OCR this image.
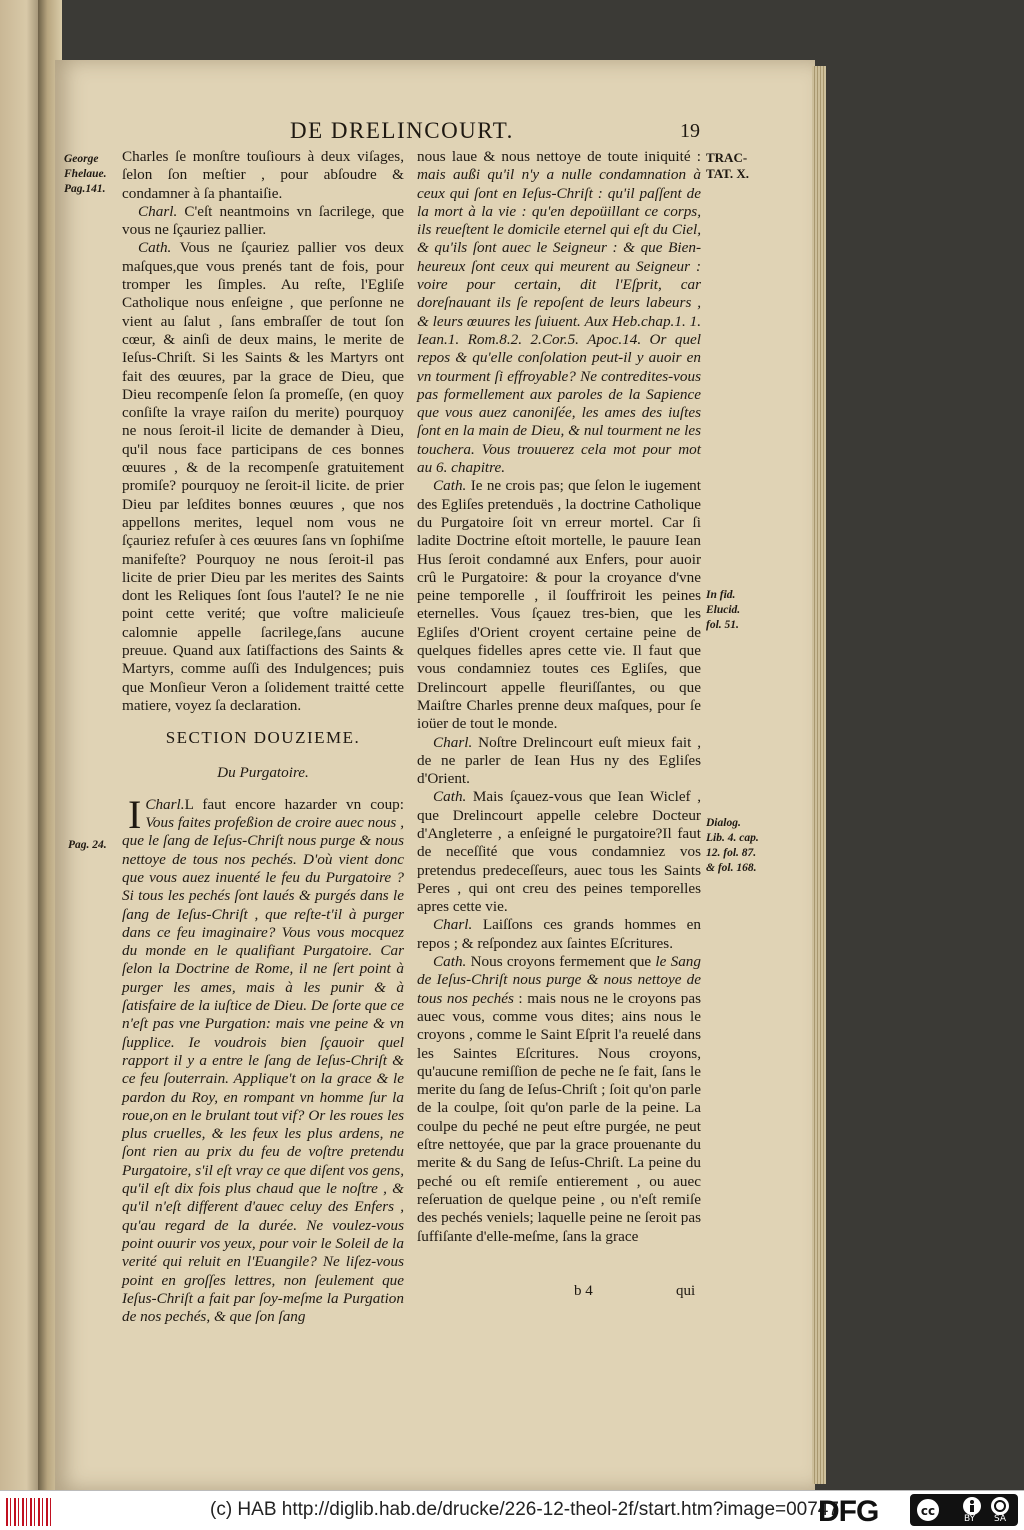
DE DRELINCOURT.	19
George Fhelaue. Pag.141.
Pag. 24.
TRAC-TAT. X.
In fid. Elucid. fol. 51.
Dialog. Lib. 4. cap. 12. fol. 87. & fol. 168.

Charles ſe monſtre touſiours à deux viſages, ſelon ſon meſtier , pour abſoudre & condamner à ſa phantaiſie.

Charl. C'eſt neantmoins vn ſacrilege, que vous ne ſçauriez pallier.

Cath. Vous ne ſçauriez pallier vos deux maſques,que vous prenés tant de fois, pour tromper les ſimples. Au reſte, l'Egliſe Catholique nous enſeigne , que perſonne ne vient au ſalut , ſans embraſſer de tout ſon cœur, & ainſi de deux mains, le merite de Ieſus-Chriſt. Si les Saints & les Martyrs ont fait des œuures, par la grace de Dieu, que Dieu recompenſe ſelon ſa promeſſe, (en quoy conſiſte la vraye raiſon du merite) pourquoy ne nous ſeroit-il licite de demander à Dieu, qu'il nous face participans de ces bonnes œuures , & de la recompenſe gratuitement promiſe? pourquoy ne ſeroit-il licite. de prier Dieu par leſdites bonnes œuures , que nos appellons merites, lequel nom vous ne ſçauriez refuſer à ces œuures ſans vn ſophiſme manifeſte? Pourquoy ne nous ſeroit-il pas licite de prier Dieu par les merites des Saints dont les Reliques ſont ſous l'autel? Ie ne nie point cette verité; que voſtre malicieuſe calomnie appelle ſacrilege,ſans aucune preuue. Quand aux ſatiſfactions des Saints & Martyrs, comme auſſi des Indulgences; puis que Monſieur Veron a ſolidement traitté cette matiere, voyez ſa declaration.

SECTION DOUZIEME.
Du Purgatoire.

Charl.
I	L faut encore hazarder vn coup: Vous faites profeßion de croire auec nous , que le ſang de Ieſus-Chriſt nous purge & nous nettoye de tous nos pechés. D'où vient donc que vous auez inuenté le feu du Purgatoire ? Si tous les pechés ſont laués & purgés dans le ſang de Ieſus-Chriſt , que reſte-t'il à purger dans ce feu imaginaire? Vous vous mocquez du monde en le qualifiant Purgatoire. Car ſelon la Doctrine de Rome, il ne ſert point à purger les ames, mais à les punir & à ſatisfaire de la iuſtice de Dieu. De ſorte que ce n'eſt pas vne Purgation: mais vne peine & vn ſupplice. Ie voudrois bien ſçauoir quel rapport il y a entre le ſang de Ieſus-Chriſt & ce feu ſouterrain. Applique't on la grace & le pardon du Roy, en rompant vn homme ſur la roue,on en le brulant tout vif? Or les roues les plus cruelles, & les feux les plus ardens, ne ſont rien au prix du feu de voſtre pretendu Purgatoire, s'il eſt vray ce que diſent vos gens, qu'il eſt dix fois plus chaud que le noſtre , & qu'il n'eſt different d'auec celuy des Enfers , qu'au regard de la durée. Ne voulez-vous point ouurir vos yeux, pour voir le Soleil de la verité qui reluit en l'Euangile? Ne liſez-vous point en groſſes lettres, non ſeulement que Ieſus-Chriſt a fait par ſoy-meſme la Purgation de nos pechés, & que ſon ſang

nous laue & nous nettoye de toute iniquité : mais außi qu'il n'y a nulle condamnation à ceux qui ſont en Ieſus-Chriſt : qu'il paſſent de la mort à la vie : qu'en depoüillant ce corps, ils reueſtent le domicile eternel qui eſt du Ciel, & qu'ils ſont auec le Seigneur : & que Bien-heureux ſont ceux qui meurent au Seigneur : voire pour certain, dit l'Eſprit, car doreſnauant ils ſe repoſent de leurs labeurs , & leurs œuures les ſuiuent. Aux Heb.chap.1. 1. Iean.1. Rom.8.2. 2.Cor.5. Apoc.14. Or quel repos & qu'elle conſolation peut-il y auoir en vn tourment ſi effroyable? Ne contredites-vous pas formellement aux paroles de la Sapience que vous auez canoniſée, les ames des iuſtes ſont en la main de Dieu, & nul tourment ne les touchera. Vous trouuerez cela mot pour mot au 6. chapitre.

Cath. Ie ne crois pas; que ſelon le iugement des Egliſes pretenduës , la doctrine Catholique du Purgatoire ſoit vn erreur mortel. Car ſi ladite Doctrine eſtoit mortelle, le pauure Iean Hus ſeroit condamné aux Enfers, pour auoir crû le Purgatoire: & pour la croyance d'vne peine temporelle , il ſouffriroit les peines eternelles. Vous ſçauez tres-bien, que les Egliſes d'Orient croyent certaine peine de quelques fidelles apres cette vie. Il faut que vous condamniez toutes ces Egliſes, que Drelincourt appelle fleuriſſantes, ou que Maiſtre Charles prenne deux maſques, pour ſe ioüer de tout le monde.

Charl. Noſtre Drelincourt euſt mieux fait , de ne parler de Iean Hus ny des Egliſes d'Orient.

Cath. Mais ſçauez-vous que Iean Wiclef , que Drelincourt appelle celebre Docteur d'Angleterre , a enſeigné le purgatoire?Il faut de neceſſité que vous condamniez vos pretendus predeceſſeurs, auec tous les Saints Peres , qui ont creu des peines temporelles apres cette vie.

Charl. Laiſſons ces grands hommes en repos ; & reſpondez aux ſaintes Eſcritures.

Cath. Nous croyons fermement que le Sang de Ieſus-Chriſt nous purge & nous nettoye de tous nos pechés : mais nous ne le croyons pas auec vous, comme vous dites; ains nous le croyons , comme le Saint Eſprit l'a reuelé dans les Saintes Eſcritures. Nous croyons, qu'aucune remiſſion de peche ne ſe fait, ſans le merite du ſang de Ieſus-Chriſt ; ſoit qu'on parle de la coulpe, ſoit qu'on parle de la peine. La coulpe du peché ne peut eſtre purgée, ne peut eſtre nettoyée, que par la grace prouenante du merite & du Sang de Ieſus-Chriſt. La peine du peché ou eſt remiſe entierement , ou auec reſeruation de quelque peine , ou n'eſt remiſe des pechés veniels; laquelle peine ne ſeroit pas ſuffiſante d'elle-meſme, ſans la grace

b 4	qui
(c) HAB http://diglib.hab.de/drucke/226-12-theol-2f/start.htm?image=00747
DFG	cc
BY SA
